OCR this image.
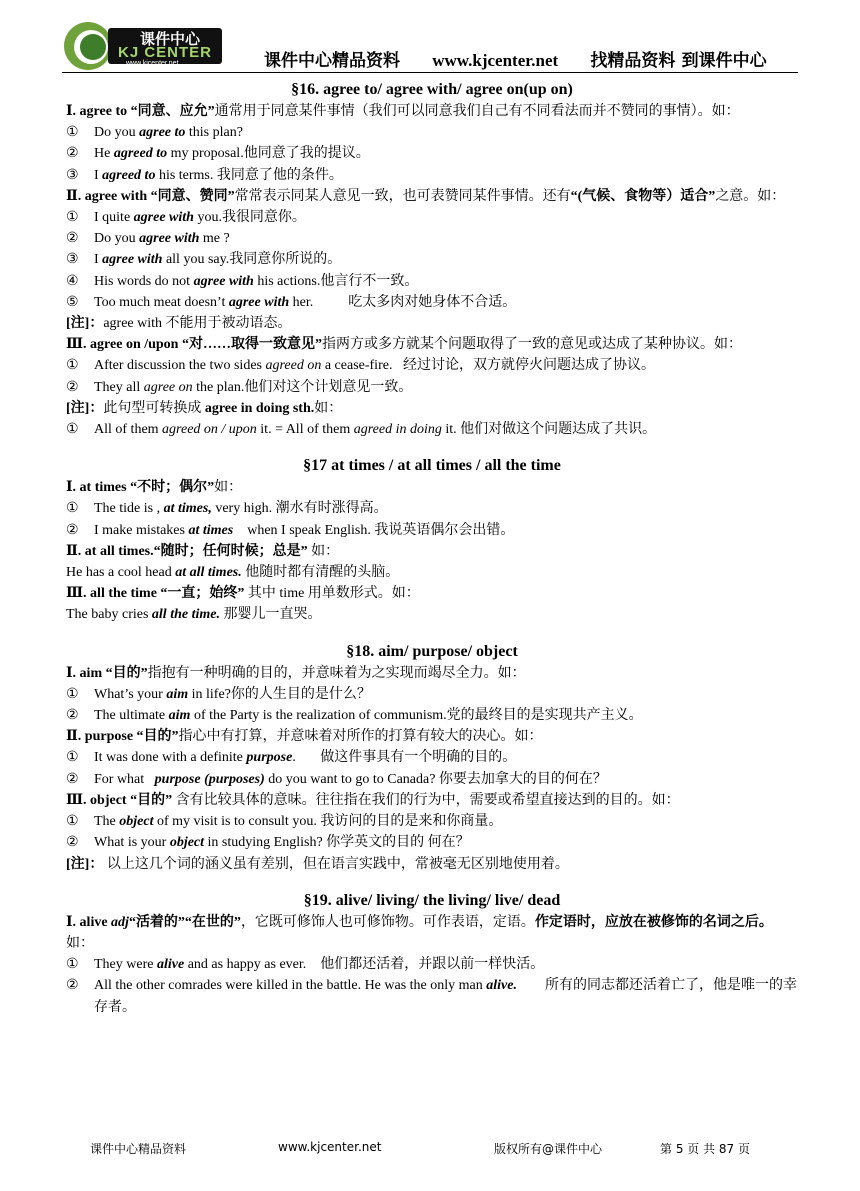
课件中心
KJ CENTER
www.kjcenter.net	课件中心精品资料 www.kjcenter.net 找精品资料 到课件中心

§16. agree to/ agree with/ agree on(up on)

Ⅰ. agree to “同意、应允”通常用于同意某件事情（我们可以同意我们自己有不同看法而并不赞同的事情）。如：

① Do you agree to this plan?

② He agreed to my proposal.他同意了我的提议。

③ I agreed to his terms. 我同意了他的条件。

Ⅱ. agree with “同意、赞同”常常表示同某人意见一致，也可表赞同某件事情。还有“(气候、食物等）适合”之意。如：

① I quite agree with you.我很同意你。

② Do you agree with me ?

③ I agree with all you say.我同意你所说的。

④ His words do not agree with his actions.他言行不一致。

⑤ Too much meat doesn’t agree with her.          吃太多肉对她身体不合适。

[注]：agree with 不能用于被动语态。

Ⅲ. agree on /upon “对……取得一致意见”指两方或多方就某个问题取得了一致的意见或达成了某种协议。如：

① After discussion the two sides agreed on a cease-fire.   经过讨论，双方就停火问题达成了协议。

② They all agree on the plan.他们对这个计划意见一致。

[注]：此句型可转换成 agree in doing sth.如：

① All of them agreed on / upon it. = All of them agreed in doing it. 他们对做这个问题达成了共识。

§17 at times / at all times / all the time

Ⅰ. at times “不时；偶尔”如：

① The tide is , at times, very high. 潮水有时涨得高。

② I make mistakes at times    when I speak English. 我说英语偶尔会出错。

Ⅱ. at all times.“随时；任何时候；总是” 如：

He has a cool head at all times. 他随时都有清醒的头脑。

Ⅲ. all the time “一直；始终” 其中 time 用单数形式。如：

The baby cries all the time. 那婴儿一直哭。

§18. aim/ purpose/ object

Ⅰ. aim “目的”指抱有一种明确的目的，并意味着为之实现而竭尽全力。如：

① What’s your aim in life?你的人生目的是什么？

② The ultimate aim of the Party is the realization of communism.党的最终目的是实现共产主义。

Ⅱ. purpose “目的”指心中有打算，并意味着对所作的打算有较大的决心。如：

① It was done with a definite purpose.       做这件事具有一个明确的目的。

② For what   purpose (purposes) do you want to go to Canada? 你要去加拿大的目的何在？

Ⅲ. object “目的” 含有比较具体的意味。往往指在我们的行为中，需要或希望直接达到的目的。如：

① The object of my visit is to consult you. 我访问的目的是来和你商量。

② What is your object in studying English? 你学英文的目的 何在？

[注]： 以上这几个词的涵义虽有差别，但在语言实践中，常被毫无区别地使用着。

§19. alive/ living/ the living/ live/ dead

Ⅰ. alive adj“活着的”“在世的”，它既可修饰人也可修饰物。可作表语，定语。作定语时，应放在被修饰的名词之后。如：

① They were alive and as happy as ever.    他们都还活着，并跟以前一样快活。

② All the other comrades were killed in the battle. He was the only man alive.        所有的同志都还活着亡了，他是唯一的幸存者。

课件中心精品资料	www.kjcenter.net	版权所有@课件中心	第 5 页 共 87 页
